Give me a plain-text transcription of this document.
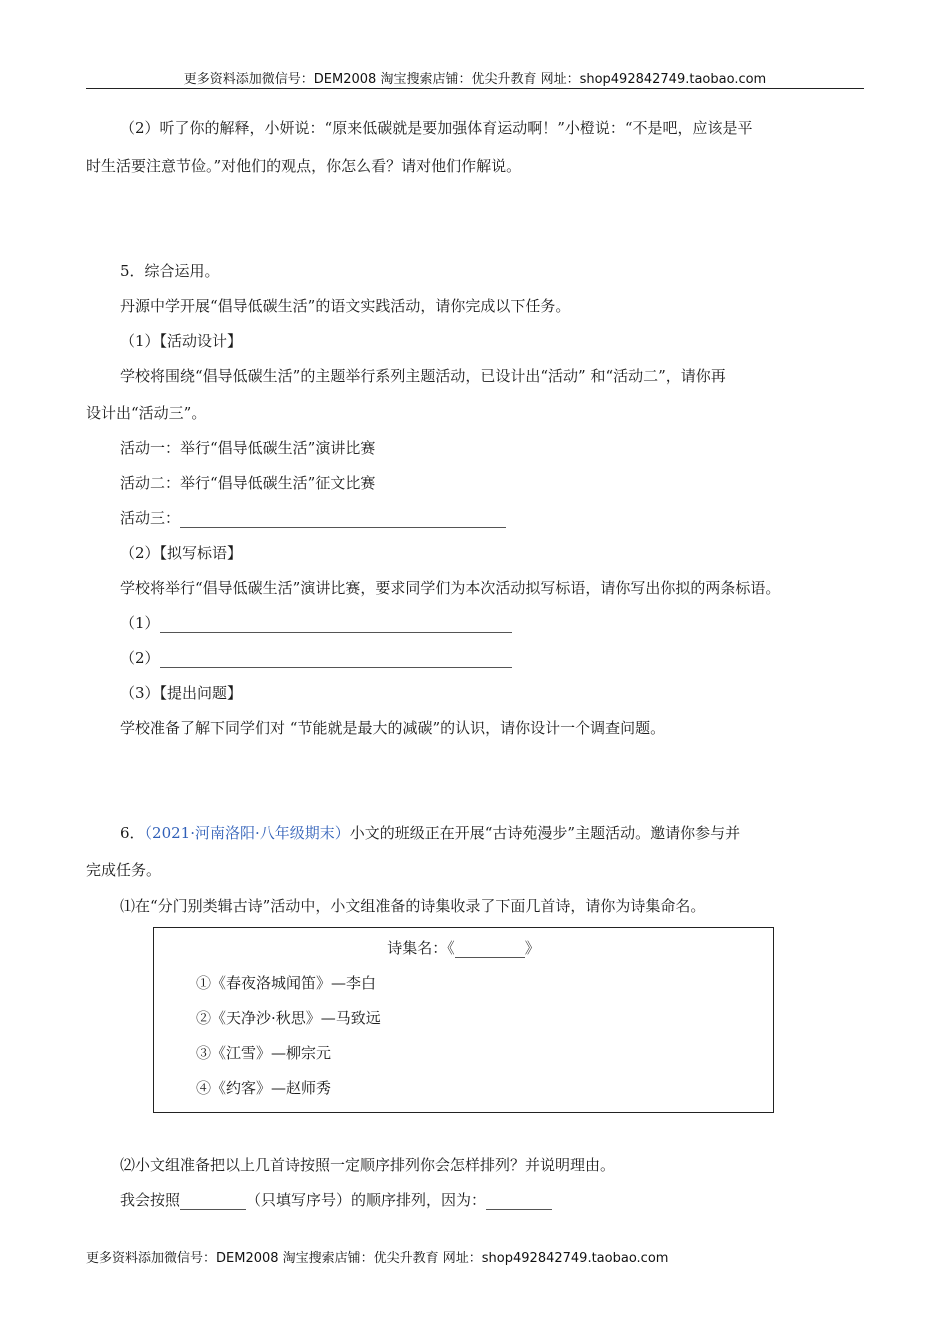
更多资料添加微信号：DEM2008 淘宝搜索店铺：优尖升教育 网址：shop492842749.taobao.com
（2）听了你的解释，小妍说：“原来低碳就是要加强体育运动啊！”小橙说：“不是吧，应该是平
时生活要注意节俭。”对他们的观点，你怎么看？请对他们作解说。
5．综合运用。
丹源中学开展“倡导低碳生活”的语文实践活动，请你完成以下任务。
（1）【活动设计】
学校将围绕“倡导低碳生活”的主题举行系列主题活动，已设计出“活动” 和“活动二”，请你再
设计出“活动三”。
活动一：举行“倡导低碳生活”演讲比赛
活动二：举行“倡导低碳生活”征文比赛
活动三：
（2）【拟写标语】
学校将举行“倡导低碳生活”演讲比赛，要求同学们为本次活动拟写标语，请你写出你拟的两条标语。
（1）
（2）
（3）【提出问题】
学校准备了解下同学们对 “节能就是最大的减碳”的认识，请你设计一个调查问题。
6．（2021·河南洛阳·八年级期末）小文的班级正在开展“古诗苑漫步”主题活动。邀请你参与并
完成任务。
⑴在“分门别类辑古诗”活动中，小文组准备的诗集收录了下面几首诗，请你为诗集命名。
诗集名：《	》
①《春夜洛城闻笛》—李白
②《天净沙·秋思》—马致远
③《江雪》—柳宗元
④《约客》—赵师秀
⑵小文组准备把以上几首诗按照一定顺序排列你会怎样排列？并说明理由。
我会按照	（只填写序号）的顺序排列，因为：
更多资料添加微信号：DEM2008 淘宝搜索店铺：优尖升教育 网址：shop492842749.taobao.com
